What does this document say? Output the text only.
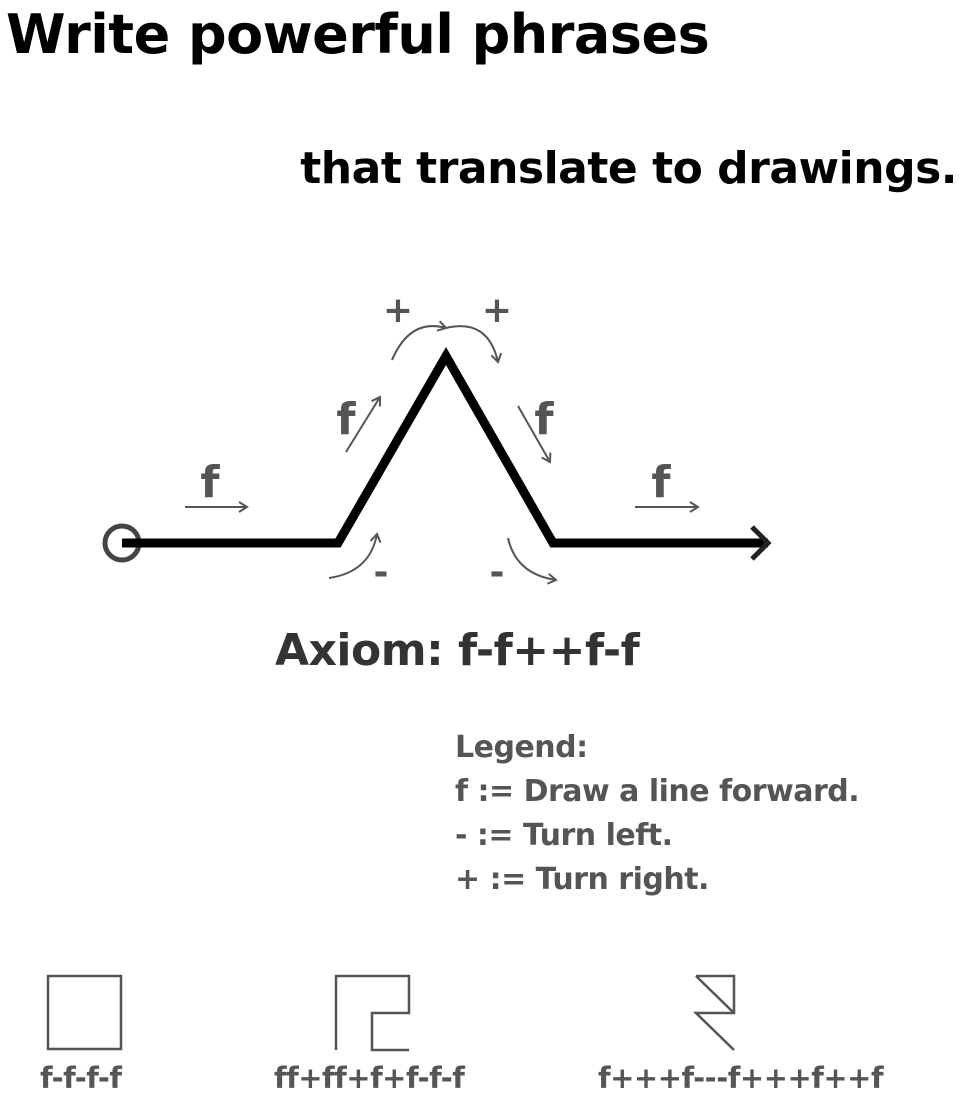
Write powerful phrases
that translate to drawings.
f
f	f
f
+ +
-	-

Axiom: f-f++f-f

Legend:
f := Draw a line forward.
- := Turn left.
+ := Turn right.
f-f-f-f	ff+ff+f+f-f-f	f+++f---f+++f++f
